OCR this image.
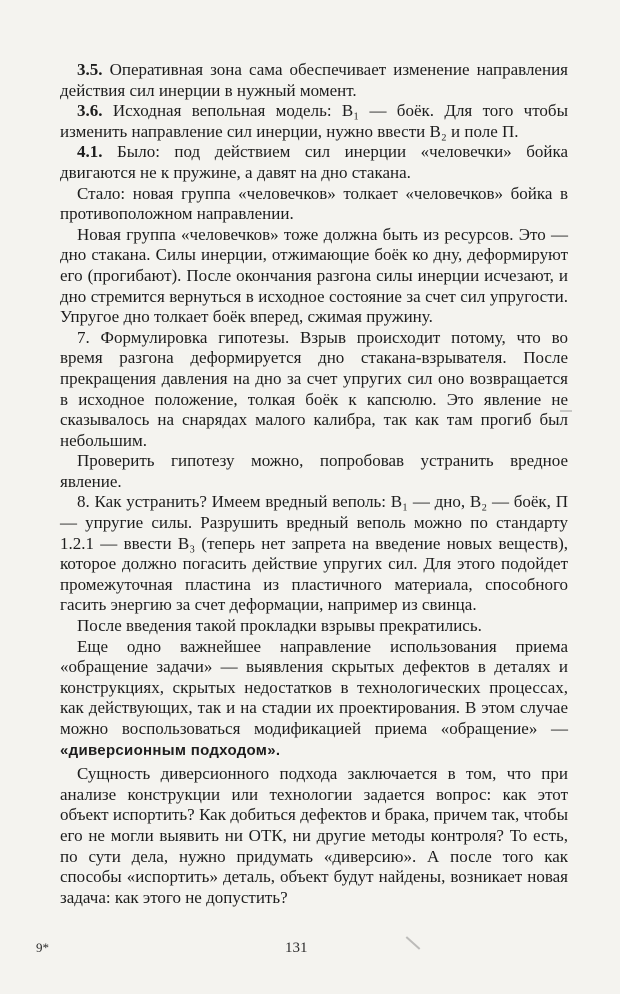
3.5. Оперативная зона сама обеспечивает изменение направления действия сил инерции в нужный момент.

3.6. Исходная вепольная модель: В₁ — боёк. Для того чтобы изменить направление сил инерции, нужно ввести В₂ и поле П.

4.1. Было: под действием сил инерции «человечки» бойка двигаются не к пружине, а давят на дно стакана.

Стало: новая группа «человечков» толкает «человечков» бойка в противоположном направлении.

Новая группа «человечков» тоже должна быть из ресурсов. Это — дно стакана. Силы инерции, отжимающие боёк ко дну, деформируют его (прогибают). После окончания разгона силы инерции исчезают, и дно стремится вернуться в исходное состояние за счет сил упругости. Упругое дно толкает боёк вперед, сжимая пружину.

7. Формулировка гипотезы. Взрыв происходит потому, что во время разгона деформируется дно стакана-взрывателя. После прекращения давления на дно за счет упругих сил оно возвращается в исходное положение, толкая боёк к капсюлю. Это явление не сказывалось на снарядах малого калибра, так как там прогиб был небольшим.

Проверить гипотезу можно, попробовав устранить вредное явление.

8. Как устранить? Имеем вредный веполь: В₁ — дно, В₂ — боёк, П — упругие силы. Разрушить вредный веполь можно по стандарту 1.2.1 — ввести В₃ (теперь нет запрета на введение новых веществ), которое должно погасить действие упругих сил. Для этого подойдет промежуточная пластина из пластичного материала, способного гасить энергию за счет деформации, например из свинца.

После введения такой прокладки взрывы прекратились.

Еще одно важнейшее направление использования приема «обращение задачи» — выявления скрытых дефектов в деталях и конструкциях, скрытых недостатков в технологических процессах, как действующих, так и на стадии их проектирования. В этом случае можно воспользоваться модификацией приема «обращение» — «диверсионным подходом».

Сущность диверсионного подхода заключается в том, что при анализе конструкции или технологии задается вопрос: как этот объект испортить? Как добиться дефектов и брака, причем так, чтобы его не могли выявить ни ОТК, ни другие методы контроля? То есть, по сути дела, нужно придумать «диверсию». А после того как способы «испортить» деталь, объект будут найдены, возникает новая задача: как этого не допустить?

9*	131
